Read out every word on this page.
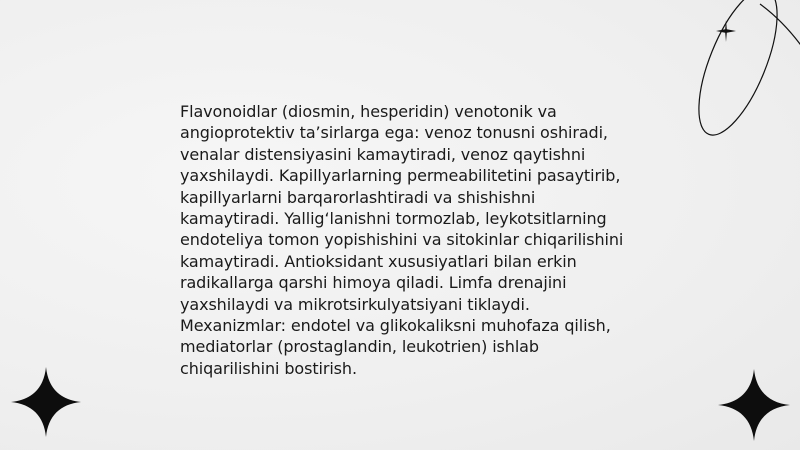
Flavonoidlar (diosmin, hesperidin) venotonik va angioprotektiv ta’sirlarga ega: venoz tonusni oshiradi, venalar distensiyasini kamaytiradi, venoz qaytishni yaxshilaydi. Kapillyarlarning permeabilitetini pasaytirib, kapillyarlarni barqarorlashtiradi va shishishni kamaytiradi. Yallig‘lanishni tormozlab, leykotsitlarning endoteliya tomon yopishishini va sitokinlar chiqarilishini kamaytiradi. Antioksidant xususiyatlari bilan erkin radikallarga qarshi himoya qiladi. Limfa drenajini yaxshilaydi va mikrotsirkulyatsiyani tiklaydi. Mexanizmlar: endotel va glikokaliksni muhofaza qilish, mediatorlar (prostaglandin, leukotrien) ishlab chiqarilishini bostirish.
